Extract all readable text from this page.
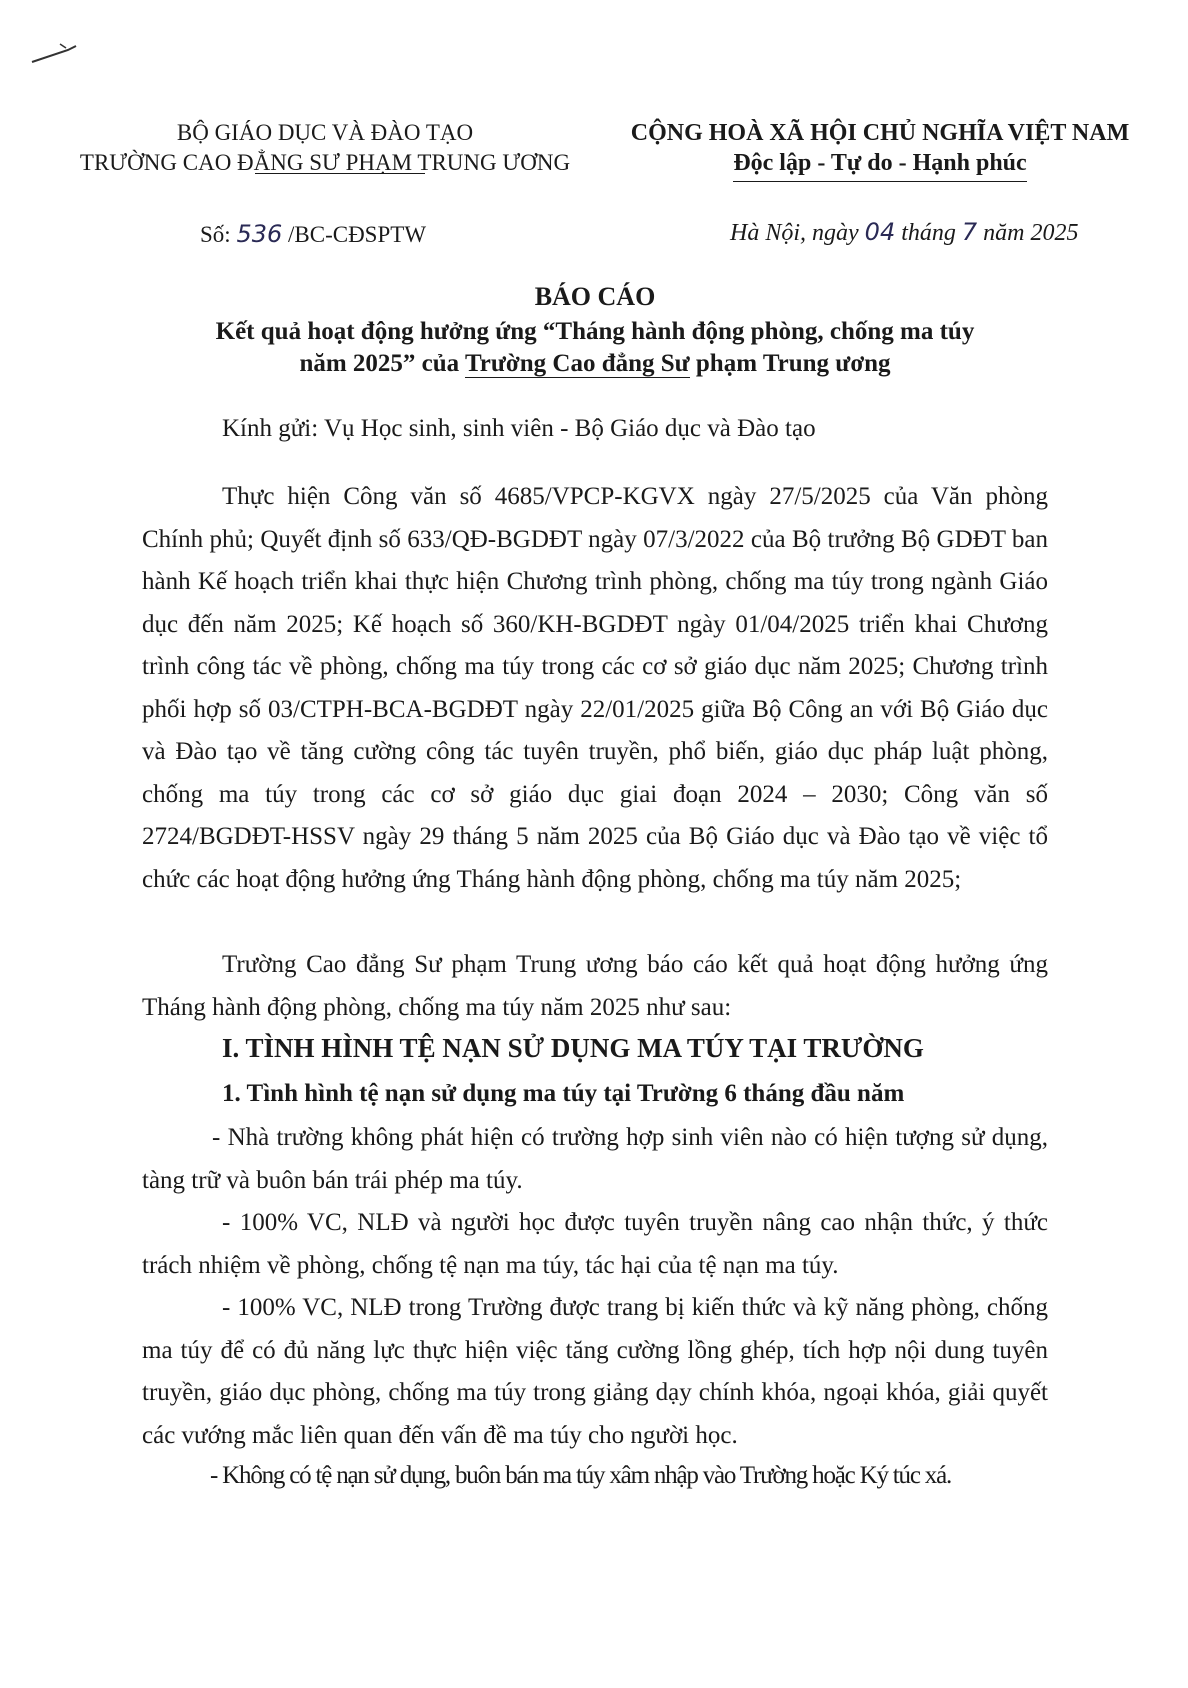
BỘ GIÁO DỤC VÀ ĐÀO TẠO
TRƯỜNG CAO ĐẲNG SƯ PHẠM TRUNG ƯƠNG
CỘNG HOÀ XÃ HỘI CHỦ NGHĨA VIỆT NAM
Độc lập - Tự do - Hạnh phúc
Số: 536 /BC-CĐSPTW	Hà Nội, ngày 04 tháng 7 năm 2025
BÁO CÁO
Kết quả hoạt động hưởng ứng “Tháng hành động phòng, chống ma túy
năm 2025” của Trường Cao đẳng Sư phạm Trung ương
Kính gửi: Vụ Học sinh, sinh viên - Bộ Giáo dục và Đào tạo

Thực hiện Công văn số 4685/VPCP-KGVX ngày 27/5/2025 của Văn phòng Chính phủ; Quyết định số 633/QĐ-BGDĐT ngày 07/3/2022 của Bộ trưởng Bộ GDĐT ban hành Kế hoạch triển khai thực hiện Chương trình phòng, chống ma túy trong ngành Giáo dục đến năm 2025; Kế hoạch số 360/KH-BGDĐT ngày 01/04/2025 triển khai Chương trình công tác về phòng, chống ma túy trong các cơ sở giáo dục năm 2025; Chương trình phối hợp số 03/CTPH-BCA-BGDĐT ngày 22/01/2025 giữa Bộ Công an với Bộ Giáo dục và Đào tạo về tăng cường công tác tuyên truyền, phổ biến, giáo dục pháp luật phòng, chống ma túy trong các cơ sở giáo dục giai đoạn 2024 – 2030; Công văn số 2724/BGDĐT-HSSV ngày 29 tháng 5 năm 2025 của Bộ Giáo dục và Đào tạo về việc tổ chức các hoạt động hưởng ứng Tháng hành động phòng, chống ma túy năm 2025;

Trường Cao đẳng Sư phạm Trung ương báo cáo kết quả hoạt động hưởng ứng Tháng hành động phòng, chống ma túy năm 2025 như sau:

I. TÌNH HÌNH TỆ NẠN SỬ DỤNG MA TÚY TẠI TRƯỜNG
1. Tình hình tệ nạn sử dụng ma túy tại Trường 6 tháng đầu năm

- Nhà trường không phát hiện có trường hợp sinh viên nào có hiện tượng sử dụng, tàng trữ và buôn bán trái phép ma túy.

- 100% VC, NLĐ và người học được tuyên truyền nâng cao nhận thức, ý thức trách nhiệm về phòng, chống tệ nạn ma túy, tác hại của tệ nạn ma túy.

- 100% VC, NLĐ trong Trường được trang bị kiến thức và kỹ năng phòng, chống ma túy để có đủ năng lực thực hiện việc tăng cường lồng ghép, tích hợp nội dung tuyên truyền, giáo dục phòng, chống ma túy trong giảng dạy chính khóa, ngoại khóa, giải quyết các vướng mắc liên quan đến vấn đề ma túy cho người học.

- Không có tệ nạn sử dụng, buôn bán ma túy xâm nhập vào Trường hoặc Ký túc xá.
